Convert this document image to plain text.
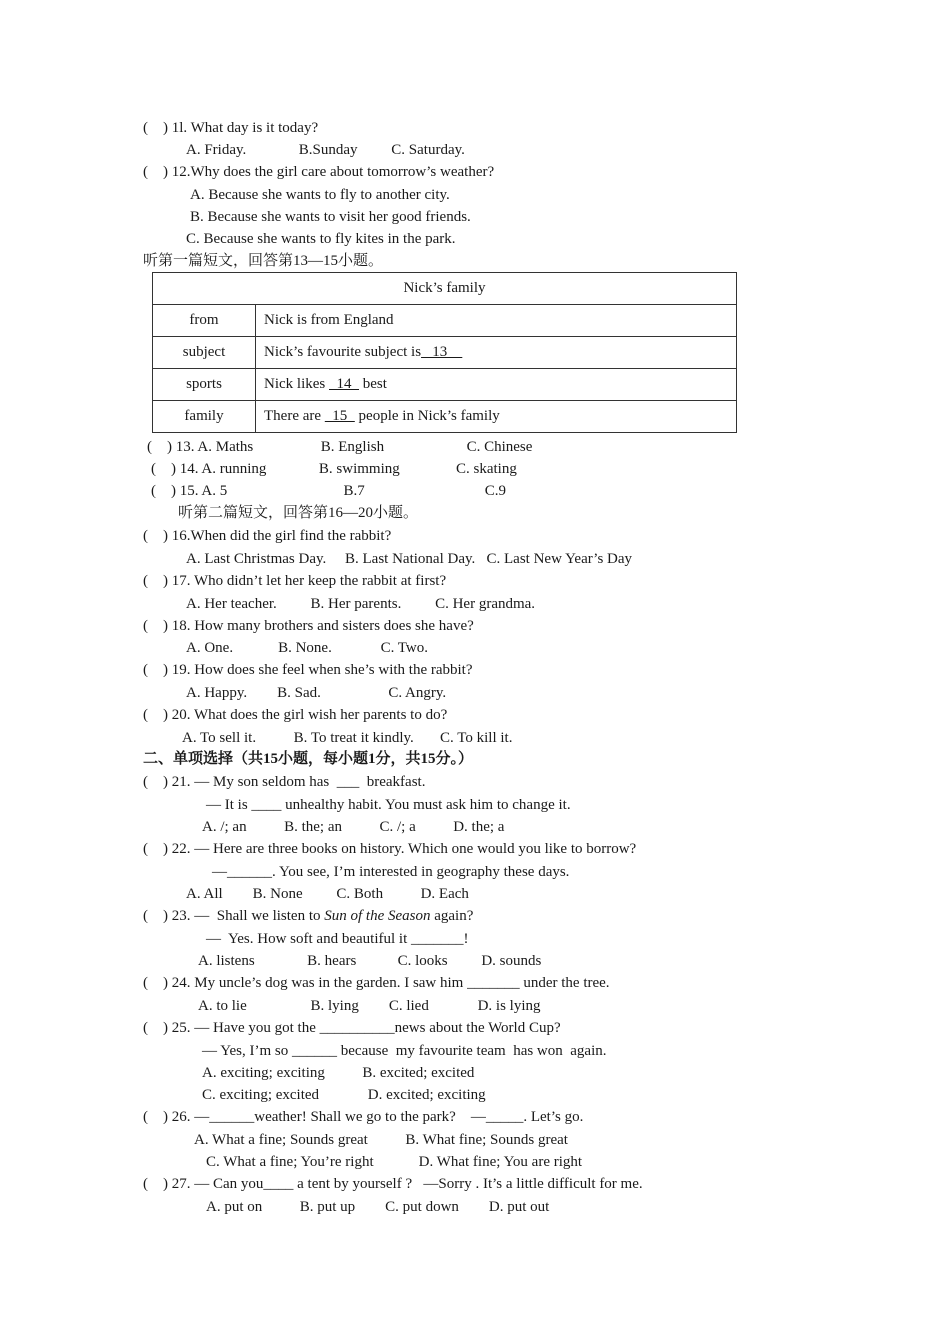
(    ) 1l. What day is it today?
A. Friday.              B.Sunday         C. Saturday.
(    ) 12.Why does the girl care about tomorrow’s weather?
A. Because she wants to fly to another city.
B. Because she wants to visit her good friends.
C. Because she wants to fly kites in the park.
听第一篇短文，回答第13—15小题。
Nick’s family	
from	Nick is from England
subject	Nick’s favourite subject is   13
sports	Nick likes   14   best
family	There are   15   people in Nick’s family
(    ) 13. A. Maths                  B. English                      C. Chinese
(    ) 14. A. running              B. swimming               C. skating
(    ) 15. A. 5                               B.7                                C.9
听第二篇短文，回答第16—20小题。
(    ) 16.When did the girl find the rabbit?
A. Last Christmas Day.     B. Last National Day.   C. Last New Year’s Day
(    ) 17. Who didn’t let her keep the rabbit at first?
A. Her teacher.         B. Her parents.         C. Her grandma.
(    ) 18. How many brothers and sisters does she have?
A. One.            B. None.             C. Two.
(    ) 19. How does she feel when she’s with the rabbit?
A. Happy.        B. Sad.                  C. Angry.
(    ) 20. What does the girl wish her parents to do?
A. To sell it.          B. To treat it kindly.       C. To kill it.
二、单项选择（共15小题，每小题1分，共15分。）
(    ) 21. — My son seldom has  ___  breakfast.
— It is ____ unhealthy habit. You must ask him to change it.
A. /; an          B. the; an          C. /; a          D. the; a
(    ) 22. — Here are three books on history. Which one would you like to borrow?
—______. You see, I’m interested in geography these days.
A. All        B. None         C. Both          D. Each
(    ) 23. —  Shall we listen to Sun of the Season again?
—  Yes. How soft and beautiful it _______!
A. listens              B. hears           C. looks         D. sounds
(    ) 24. My uncle’s dog was in the garden. I saw him _______ under the tree.
A. to lie                 B. lying        C. lied             D. is lying
(    ) 25. — Have you got the __________news about the World Cup?
— Yes, I’m so ______ because  my favourite team  has won  again.
A. exciting; exciting          B. excited; excited
C. exciting; excited             D. excited; exciting
(    ) 26. —______weather! Shall we go to the park?    —_____. Let’s go.
A. What a fine; Sounds great          B. What fine; Sounds great
C. What a fine; You’re right            D. What fine; You are right
(    ) 27. — Can you____ a tent by yourself ?   —Sorry . It’s a little difficult for me.
A. put on          B. put up        C. put down        D. put out
